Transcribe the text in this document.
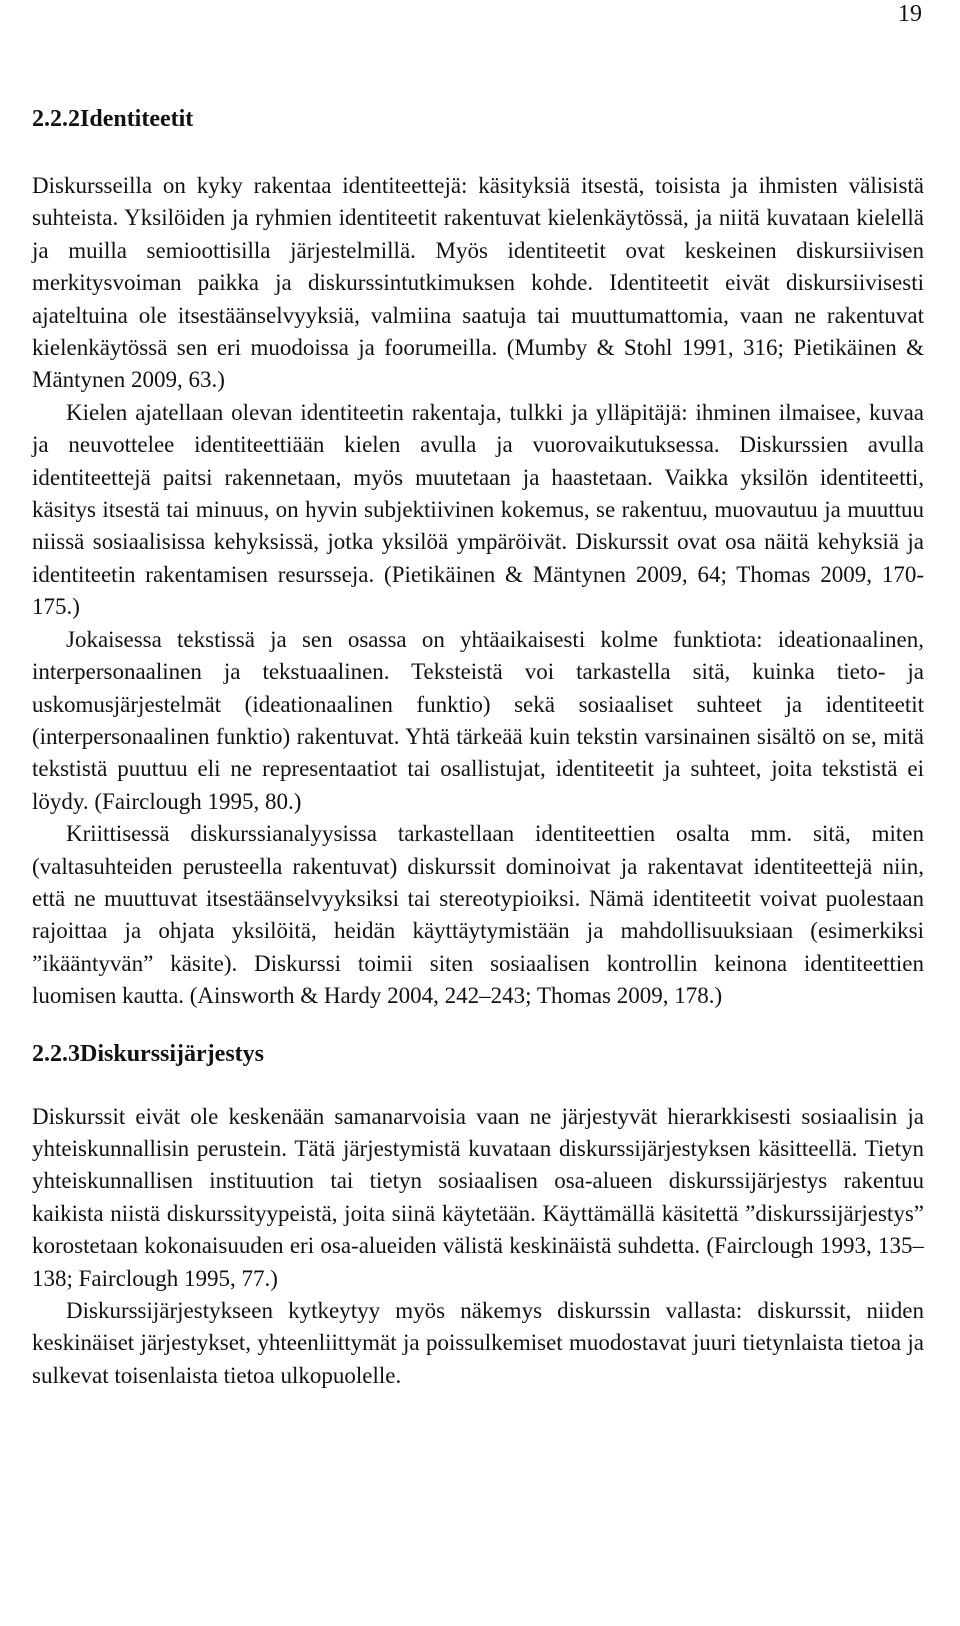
19
2.2.2Identiteetit

Diskursseilla on kyky rakentaa identiteettejä: käsityksiä itsestä, toisista ja ihmisten välisistä suhteista. Yksilöiden ja ryhmien identiteetit rakentuvat kielenkäytössä, ja niitä kuvataan kielellä ja muilla semioottisilla järjestelmillä. Myös identiteetit ovat keskeinen diskursiivisen merkitysvoiman paikka ja diskurssintutkimuksen kohde. Identiteetit eivät diskursiivisesti ajateltuina ole itsestäänselvyyksiä, valmiina saatuja tai muuttumattomia, vaan ne rakentuvat kielenkäytössä sen eri muodoissa ja foorumeilla. (Mumby & Stohl 1991, 316; Pietikäinen & Mäntynen 2009, 63.)

Kielen ajatellaan olevan identiteetin rakentaja, tulkki ja ylläpitäjä: ihminen ilmaisee, kuvaa ja neuvottelee identiteettiään kielen avulla ja vuorovaikutuksessa. Diskurssien avulla identiteettejä paitsi rakennetaan, myös muutetaan ja haastetaan. Vaikka yksilön identiteetti, käsitys itsestä tai minuus, on hyvin subjektiivinen kokemus, se rakentuu, muovautuu ja muuttuu niissä sosiaalisissa kehyksissä, jotka yksilöä ympäröivät. Diskurssit ovat osa näitä kehyksiä ja identiteetin rakentamisen resursseja. (Pietikäinen & Mäntynen 2009, 64; Thomas 2009, 170-175.)

Jokaisessa tekstissä ja sen osassa on yhtäaikaisesti kolme funktiota: ideationaalinen, interpersonaalinen ja tekstuaalinen. Teksteistä voi tarkastella sitä, kuinka tieto- ja uskomusjärjestelmät (ideationaalinen funktio) sekä sosiaaliset suhteet ja identiteetit (interpersonaalinen funktio) rakentuvat. Yhtä tärkeää kuin tekstin varsinainen sisältö on se, mitä tekstistä puuttuu eli ne representaatiot tai osallistujat, identiteetit ja suhteet, joita tekstistä ei löydy. (Fairclough 1995, 80.)

Kriittisessä diskurssianalyysissa tarkastellaan identiteettien osalta mm. sitä, miten (valtasuhteiden perusteella rakentuvat) diskurssit dominoivat ja rakentavat identiteettejä niin, että ne muuttuvat itsestäänselvyyksiksi tai stereotypioiksi. Nämä identiteetit voivat puolestaan rajoittaa ja ohjata yksilöitä, heidän käyttäytymistään ja mahdollisuuksiaan (esimerkiksi ”ikääntyvän” käsite). Diskurssi toimii siten sosiaalisen kontrollin keinona identiteettien luomisen kautta. (Ainsworth & Hardy 2004, 242–243; Thomas 2009, 178.)

2.2.3Diskurssijärjestys

Diskurssit eivät ole keskenään samanarvoisia vaan ne järjestyvät hierarkkisesti sosiaalisin ja yhteiskunnallisin perustein. Tätä järjestymistä kuvataan diskurssijärjestyksen käsitteellä. Tietyn yhteiskunnallisen instituution tai tietyn sosiaalisen osa-alueen diskurssijärjestys rakentuu kaikista niistä diskurssityypeistä, joita siinä käytetään. Käyttämällä käsitettä ”diskurssijärjestys” korostetaan kokonaisuuden eri osa-alueiden välistä keskinäistä suhdetta. (Fairclough 1993, 135–138; Fairclough 1995, 77.)

Diskurssijärjestykseen kytkeytyy myös näkemys diskurssin vallasta: diskurssit, niiden keskinäiset järjestykset, yhteenliittymät ja poissulkemiset muodostavat juuri tietynlaista tietoa ja sulkevat toisenlaista tietoa ulkopuolelle.
